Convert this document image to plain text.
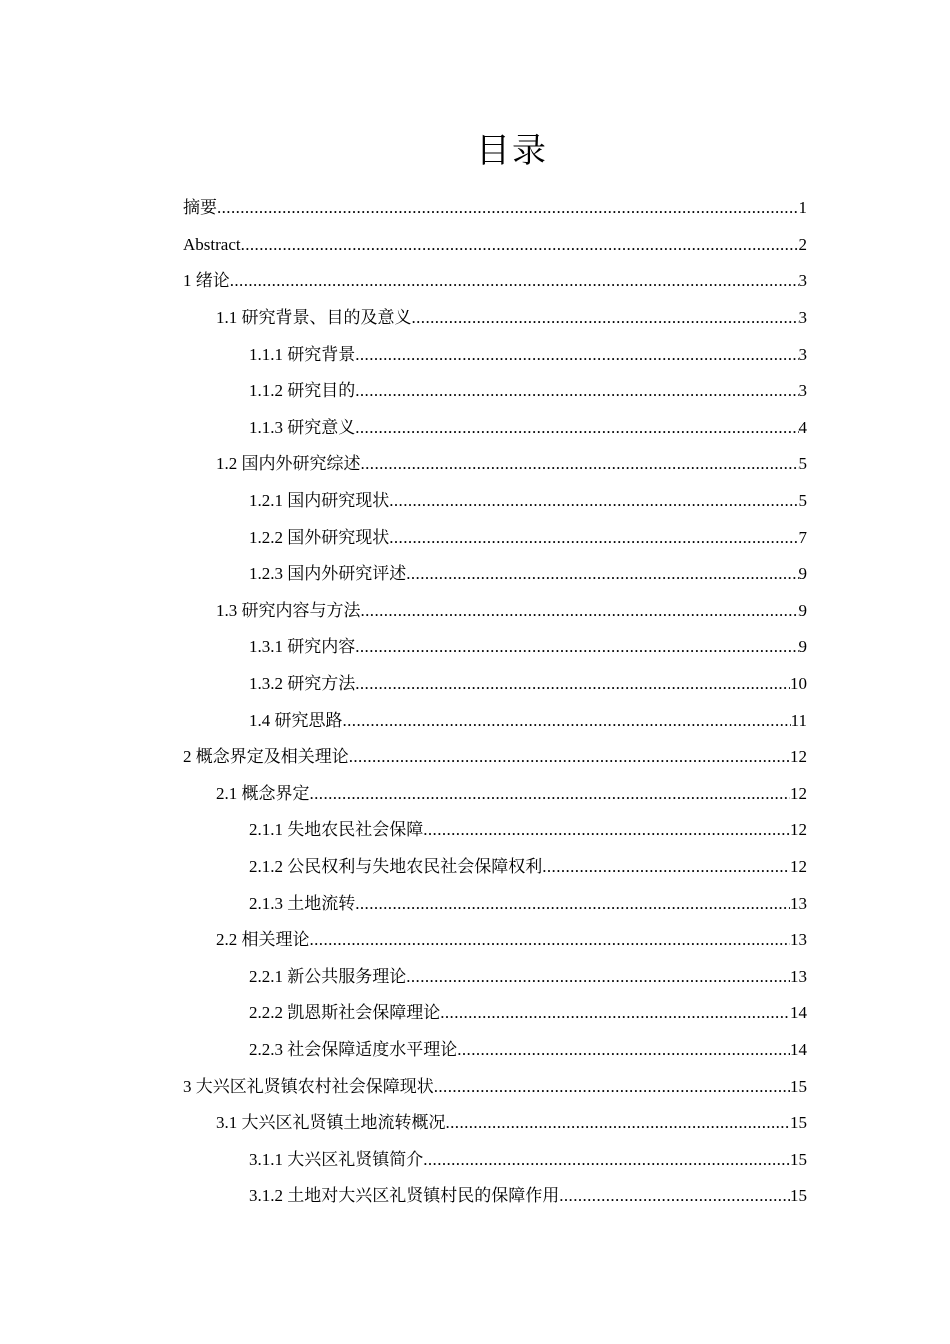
目录
摘要 .....	1
Abstract .....	2
1 绪论 .....	3
1.1 研究背景、目的及意义 .....	3
1.1.1 研究背景 .....	3
1.1.2 研究目的 .....	3
1.1.3 研究意义 .....	4
1.2 国内外研究综述 .....	5
1.2.1 国内研究现状 .....	5
1.2.2 国外研究现状 .....	7
1.2.3 国内外研究评述 .....	9
1.3 研究内容与方法 .....	9
1.3.1 研究内容 .....	9
1.3.2 研究方法 .....	10
1.4 研究思路 .....	11
2 概念界定及相关理论 .....	12
2.1 概念界定 .....	12
2.1.1 失地农民社会保障 .....	12
2.1.2 公民权利与失地农民社会保障权利 .....	12
2.1.3 土地流转 .....	13
2.2 相关理论 .....	13
2.2.1 新公共服务理论 .....	13
2.2.2 凯恩斯社会保障理论 .....	14
2.2.3 社会保障适度水平理论 .....	14
3 大兴区礼贤镇农村社会保障现状 .....	15
3.1 大兴区礼贤镇土地流转概况 .....	15
3.1.1 大兴区礼贤镇简介 .....	15
3.1.2 土地对大兴区礼贤镇村民的保障作用 .....	15
